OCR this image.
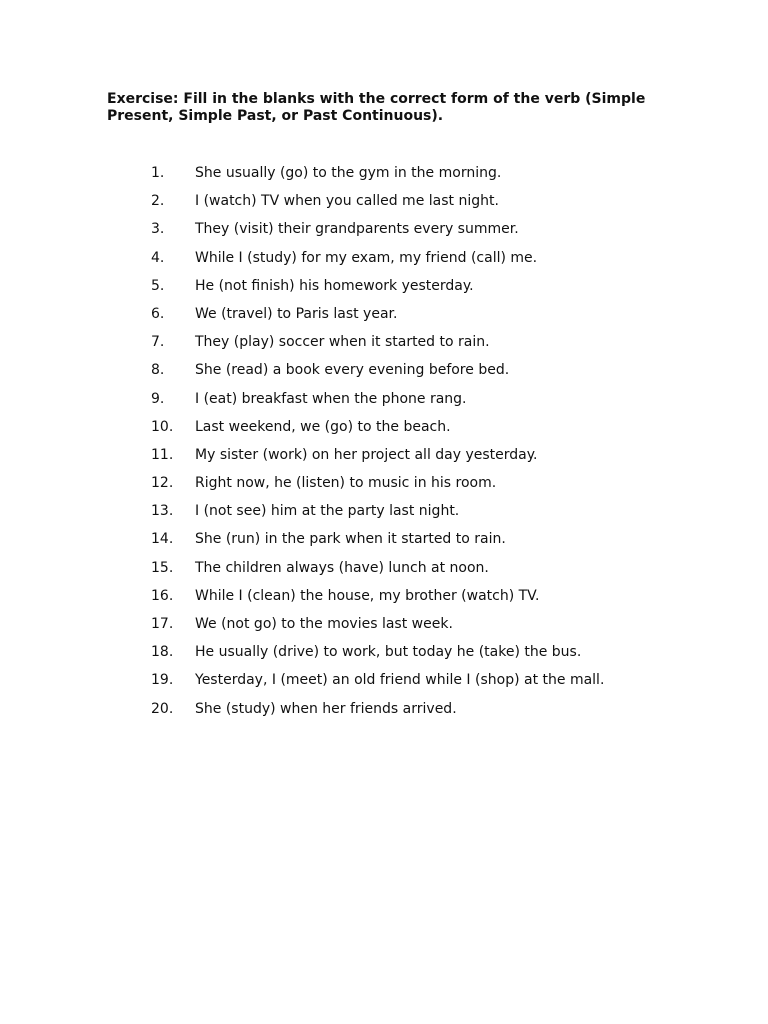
Exercise: Fill in the blanks with the correct form of the verb (Simple Present, Simple Past, or Past Continuous).

1.	She usually (go) to the gym in the morning.
2.	I (watch) TV when you called me last night.
3.	They (visit) their grandparents every summer.
4.	While I (study) for my exam, my friend (call) me.
5.	He (not finish) his homework yesterday.
6.	We (travel) to Paris last year.
7.	They (play) soccer when it started to rain.
8.	She (read) a book every evening before bed.
9.	I (eat) breakfast when the phone rang.
10.	Last weekend, we (go) to the beach.
11.	My sister (work) on her project all day yesterday.
12.	Right now, he (listen) to music in his room.
13.	I (not see) him at the party last night.
14.	She (run) in the park when it started to rain.
15.	The children always (have) lunch at noon.
16.	While I (clean) the house, my brother (watch) TV.
17.	We (not go) to the movies last week.
18.	He usually (drive) to work, but today he (take) the bus.
19.	Yesterday, I (meet) an old friend while I (shop) at the mall.
20.	She (study) when her friends arrived.
